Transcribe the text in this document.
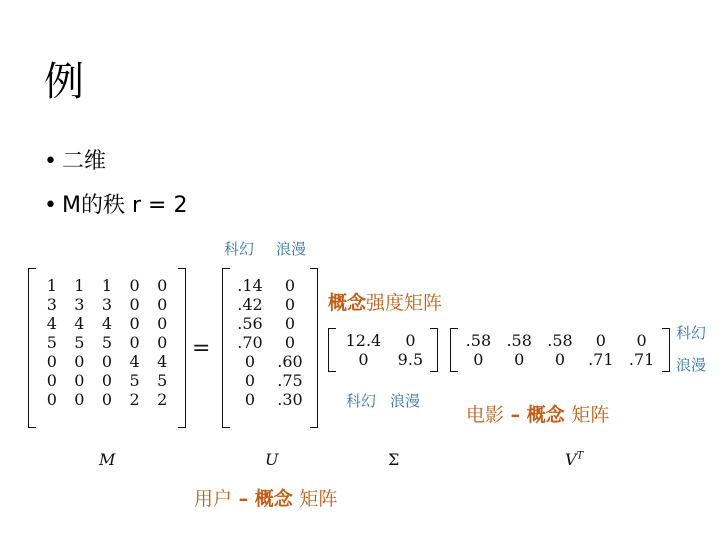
例
• 二维
• M的秩 r = 2
科幻 浪漫
1	1	1	0	0
3	3	3	0	0
4	4	4	0	0
5	5	5	0	0
0	0	0	4	4
0	0	0	5	5
0	0	0	2	2
=
.14	0
.42	0
.56	0
.70	0
0	.60
0	.75
0	.30
概念强度矩阵
12.4	0
0	9.5
.58	.58	.58	0	0
0	0	0	.71	.71
科幻
浪漫
科幻 浪漫
电影 – 概念 矩阵
M	U	Σ	$V^T$
用户 – 概念 矩阵
